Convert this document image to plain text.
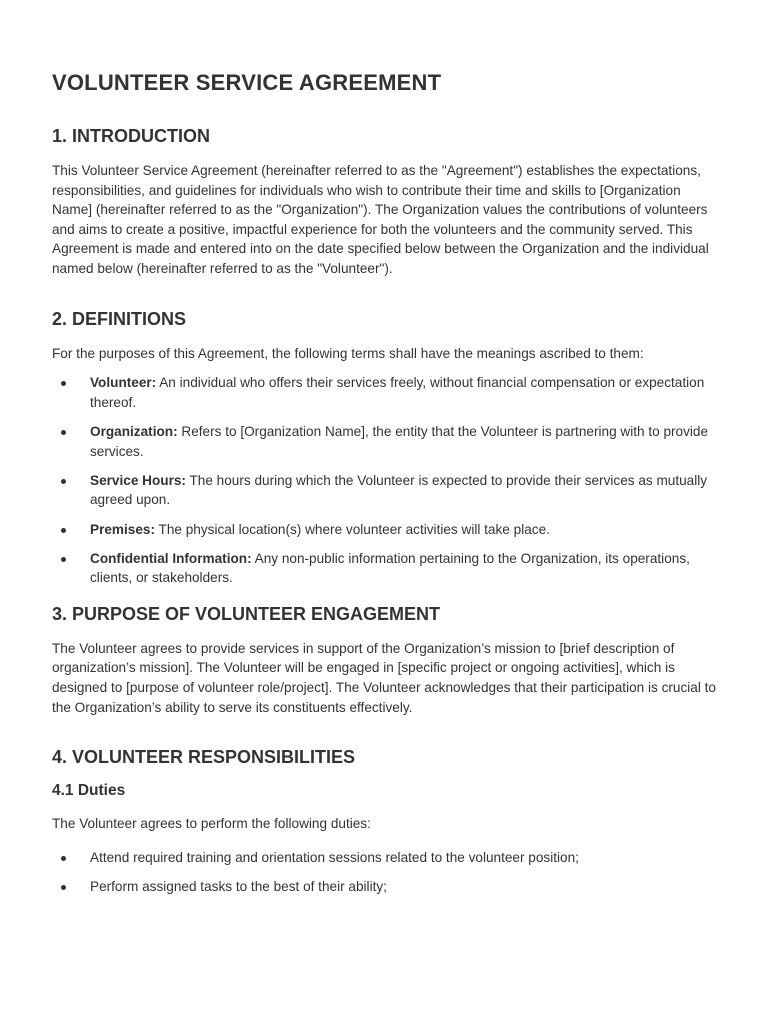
VOLUNTEER SERVICE AGREEMENT
1. INTRODUCTION

This Volunteer Service Agreement (hereinafter referred to as the "Agreement") establishes the expectations, responsibilities, and guidelines for individuals who wish to contribute their time and skills to [Organization Name] (hereinafter referred to as the "Organization"). The Organization values the contributions of volunteers and aims to create a positive, impactful experience for both the volunteers and the community served. This Agreement is made and entered into on the date specified below between the Organization and the individual named below (hereinafter referred to as the "Volunteer").

2. DEFINITIONS

For the purposes of this Agreement, the following terms shall have the meanings ascribed to them:

Volunteer: An individual who offers their services freely, without financial compensation or expectation thereof.
Organization: Refers to [Organization Name], the entity that the Volunteer is partnering with to provide services.
Service Hours: The hours during which the Volunteer is expected to provide their services as mutually agreed upon.
Premises: The physical location(s) where volunteer activities will take place.
Confidential Information: Any non-public information pertaining to the Organization, its operations, clients, or stakeholders.
3. PURPOSE OF VOLUNTEER ENGAGEMENT

The Volunteer agrees to provide services in support of the Organization’s mission to [brief description of organization’s mission]. The Volunteer will be engaged in [specific project or ongoing activities], which is designed to [purpose of volunteer role/project]. The Volunteer acknowledges that their participation is crucial to the Organization’s ability to serve its constituents effectively.

4. VOLUNTEER RESPONSIBILITIES
4.1 Duties

The Volunteer agrees to perform the following duties:

Attend required training and orientation sessions related to the volunteer position;
Perform assigned tasks to the best of their ability;
